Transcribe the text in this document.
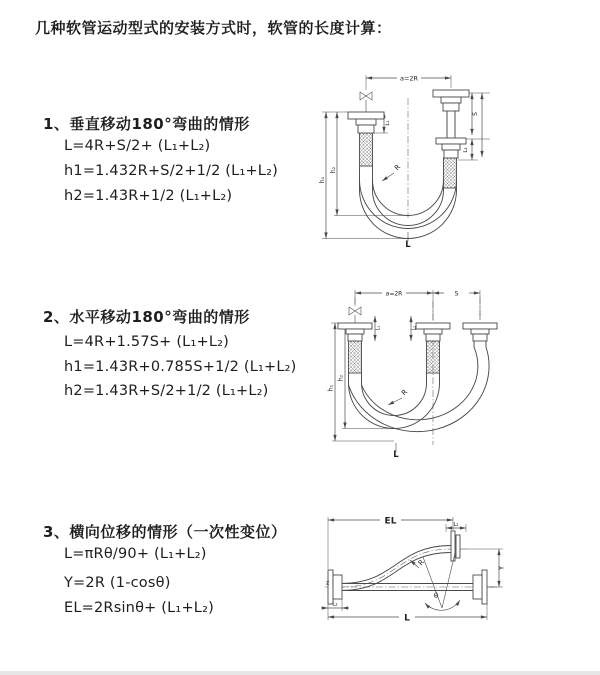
几种软管运动型式的安装方式时，软管的长度计算：
1、垂直移动180°弯曲的情形
L=4R+S/2+ (L₁+L₂)
h1=1.432R+S/2+1/2 (L₁+L₂)
h2=1.43R+1/2 (L₁+L₂)
2、水平移动180°弯曲的情形
L=4R+1.57S+ (L₁+L₂)
h1=1.43R+0.785S+1/2 (L₁+L₂)
h2=1.43R+S/2+1/2 (L₁+L₂)
3、横向位移的情形（一次性变位）
L=πRθ/90+ (L₁+L₂)
Y=2R (1-cosθ)
EL=2Rsinθ+ (L₁+L₂)
a=2R
h₁
h₂
L₁
S
L₂
R
L
a=2R	S
h₁
h₂
L₁	L₂
R
L
EL	L₂
Y
θ
R
L
L₁
z
